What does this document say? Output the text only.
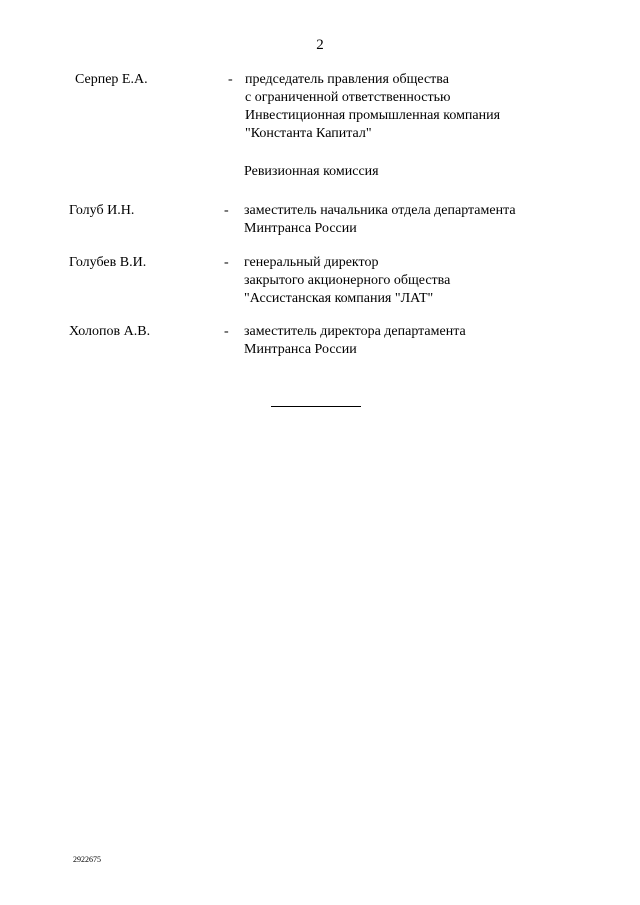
2
Серпер Е.А.	- председатель правления общества
с ограниченной ответственностью
Инвестиционная промышленная компания
"Константа Капитал"
Ревизионная комиссия
Голуб И.Н.	- заместитель начальника отдела департамента
Минтранса России
Голубев В.И.	- генеральный директор
закрытого акционерного общества
"Ассистанская компания "ЛАТ"
Холопов А.В.	- заместитель директора департамента
Минтранса России
2922675
